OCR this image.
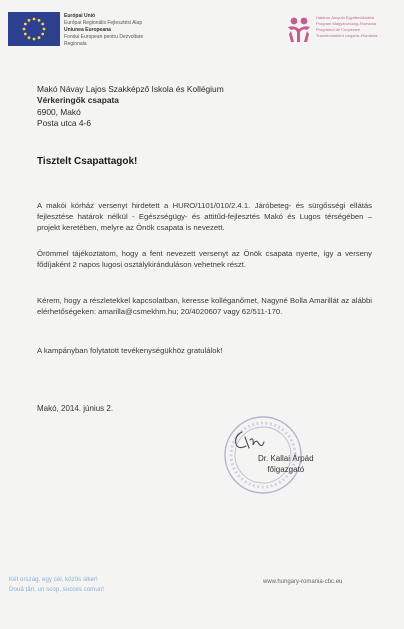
Európai Unió
Európai Regionális Fejlesztési Alap
Uniunea Europeana
Fondul European pentru Dezvoltare Regionala
Határon Átnyúló Együttműködési
Program Magyarország–Románia
Programul de Cooperare
Transfrontalieră Ungaria–România
Makó Návay Lajos Szakképző Iskola és Kollégium
Vérkeringők csapata
6900, Makó
Posta utca 4-6
Tisztelt Csapattagok!

A makói kórház versenyt hirdetett a HURO/1101/010/2.4.1. Járóbeteg- és sürgősségi ellátás fejlesztése határok nélkül - Egészségügy- és attitűd-fejlesztés Makó és Lugos térségében – projekt keretében, melyre az Önök csapata is nevezett.

Örömmel tájékoztatom, hogy a fent nevezett versenyt az Önök csapata nyerte, így a verseny fődíjaként 2 napos lugosi osztálykiránduláson vehetnek részt.

Kérem, hogy a részletekkel kapcsolatban, keresse kolléganőmet, Nagyné Bolla Amarillát az alábbi elérhetőségeken: amarilla@csmekhm.hu; 20/4020607 vagy 62/511-170.

A kampányban folytatott tevékenységükhöz gratulálok!

Makó, 2014. június 2.
Dr. Kallai Árpád
főigazgató
Két ország, egy cél, közös siker!
Două țări, un scop, succes comun!
www.hungary-romania-cbc.eu
